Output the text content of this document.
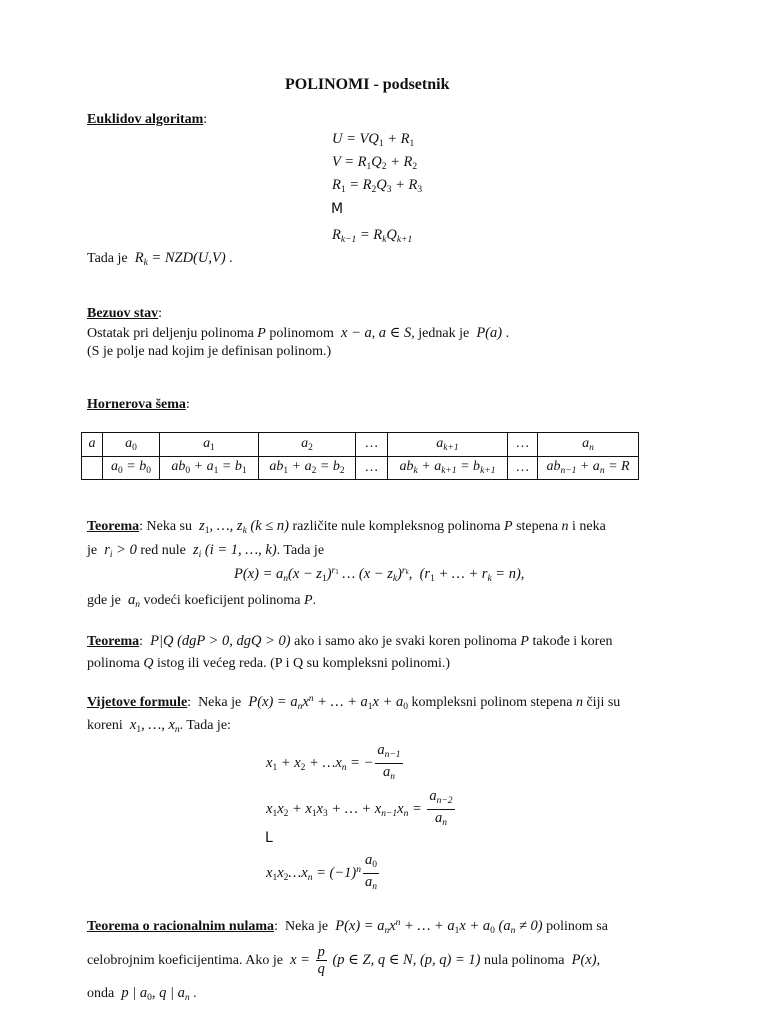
POLINOMI - podsetnik
Euklidov algoritam:
$U = VQ_1 + R_1$
$V = R_1Q_2 + R_2$
$R_1 = R_2Q_3 + R_3$
M
$R_{k-1} = R_kQ_{k+1}$
Tada je  $R_k = NZD(U,V)$ .
Bezuov stav:
Ostatak pri deljenju polinoma P polinomom  x − a, a ∈ S, jednak je  P(a) .
(S je polje nad kojim je definisan polinom.)
Hornerova šema:
a	$a_0$	$a_1$	$a_2$	…	$a_{k+1}$	…	$a_n$
	$a_0 = b_0$	$ab_0 + a_1 = b_1$	$ab_1 + a_2 = b_2$	…	$ab_k + a_{k+1} = b_{k+1}$	…	$ab_{n-1} + a_n = R$
Teorema: Neka su  $z_1$, …, $z_k$ (k ≤ n) različite nule kompleksnog polinoma P stepena n i neka
je  $r_i > 0$ red nule  $z_i$ (i = 1, …, k). Tada je
$P(x) = a_n(x - z_1)^{r_1}$ … $(x - z_k)^{r_k}$,  ($r_1$ + … + $r_k = n$),
gde je  $a_n$ vodeći koeficijent polinoma P.
Teorema:  P|Q (dgP > 0, dgQ > 0) ako i samo ako je svaki koren polinoma P takođe i koren
polinoma Q istog ili većeg reda. (P i Q su kompleksni polinomi.)
Vijetove formule:  Neka je  $P(x) = a_nx^n$ + … + $a_1x + a_0$ kompleksni polinom stepena n čiji su
koreni  $x_1$, …, $x_n$. Tada je:
$x_1 + x_2$ + $\dots x_n$ = − $\frac{a_{n-1}}{a_n}$
$x_1x_2 + x_1x_3$ + … + $x_{n-1}x_n = \frac{a_{n-2}}{a_n}$
L
$x_1x_2\dots x_n = (-1)^n \frac{a_0}{a_n}$
Teorema o racionalnim nulama:  Neka je  $P(x) = a_nx^n$ + … + $a_1x + a_0$ $(a_n \ne 0)$ polinom sa
celobrojnim koeficijentima. Ako je  $x = \frac{p}{q} (p$ ∈ Z, q ∈ N, (p, q) = 1) nula polinoma  P(x),
onda  p | $a_0$, q | $a_n$ .
